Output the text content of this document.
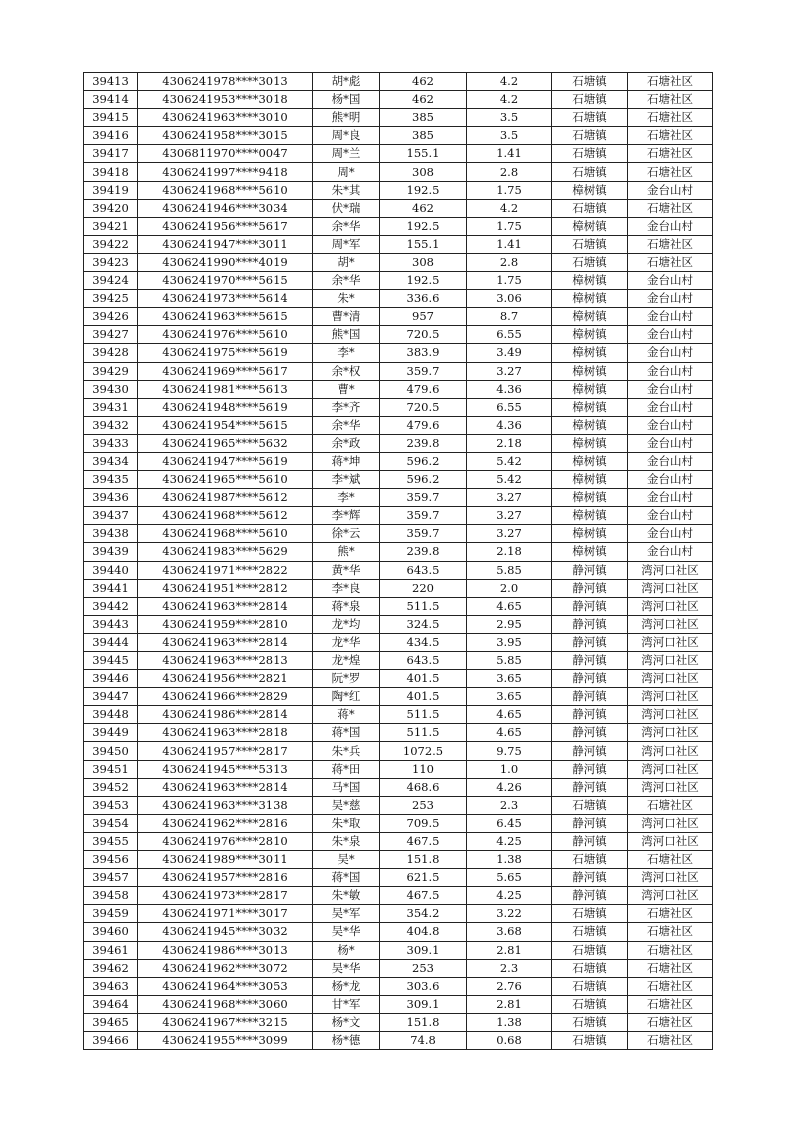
39413	4306241978****3013	胡*彪	462	4.2	石塘镇	石塘社区
39414	4306241953****3018	杨*国	462	4.2	石塘镇	石塘社区
39415	4306241963****3010	熊*明	385	3.5	石塘镇	石塘社区
39416	4306241958****3015	周*良	385	3.5	石塘镇	石塘社区
39417	4306811970****0047	周*兰	155.1	1.41	石塘镇	石塘社区
39418	4306241997****9418	周*	308	2.8	石塘镇	石塘社区
39419	4306241968****5610	朱*其	192.5	1.75	樟树镇	金台山村
39420	4306241946****3034	伏*瑞	462	4.2	石塘镇	石塘社区
39421	4306241956****5617	余*华	192.5	1.75	樟树镇	金台山村
39422	4306241947****3011	周*军	155.1	1.41	石塘镇	石塘社区
39423	4306241990****4019	胡*	308	2.8	石塘镇	石塘社区
39424	4306241970****5615	余*华	192.5	1.75	樟树镇	金台山村
39425	4306241973****5614	朱*	336.6	3.06	樟树镇	金台山村
39426	4306241963****5615	曹*清	957	8.7	樟树镇	金台山村
39427	4306241976****5610	熊*国	720.5	6.55	樟树镇	金台山村
39428	4306241975****5619	李*	383.9	3.49	樟树镇	金台山村
39429	4306241969****5617	余*权	359.7	3.27	樟树镇	金台山村
39430	4306241981****5613	曹*	479.6	4.36	樟树镇	金台山村
39431	4306241948****5619	李*齐	720.5	6.55	樟树镇	金台山村
39432	4306241954****5615	余*华	479.6	4.36	樟树镇	金台山村
39433	4306241965****5632	余*政	239.8	2.18	樟树镇	金台山村
39434	4306241947****5619	蒋*坤	596.2	5.42	樟树镇	金台山村
39435	4306241965****5610	李*斌	596.2	5.42	樟树镇	金台山村
39436	4306241987****5612	李*	359.7	3.27	樟树镇	金台山村
39437	4306241968****5612	李*辉	359.7	3.27	樟树镇	金台山村
39438	4306241968****5610	徐*云	359.7	3.27	樟树镇	金台山村
39439	4306241983****5629	熊*	239.8	2.18	樟树镇	金台山村
39440	4306241971****2822	黄*华	643.5	5.85	静河镇	湾河口社区
39441	4306241951****2812	李*良	220	2.0	静河镇	湾河口社区
39442	4306241963****2814	蒋*泉	511.5	4.65	静河镇	湾河口社区
39443	4306241959****2810	龙*均	324.5	2.95	静河镇	湾河口社区
39444	4306241963****2814	龙*华	434.5	3.95	静河镇	湾河口社区
39445	4306241963****2813	龙*煌	643.5	5.85	静河镇	湾河口社区
39446	4306241956****2821	阮*罗	401.5	3.65	静河镇	湾河口社区
39447	4306241966****2829	陶*红	401.5	3.65	静河镇	湾河口社区
39448	4306241986****2814	蒋*	511.5	4.65	静河镇	湾河口社区
39449	4306241963****2818	蒋*国	511.5	4.65	静河镇	湾河口社区
39450	4306241957****2817	朱*兵	1072.5	9.75	静河镇	湾河口社区
39451	4306241945****5313	蒋*田	110	1.0	静河镇	湾河口社区
39452	4306241963****2814	马*国	468.6	4.26	静河镇	湾河口社区
39453	4306241963****3138	吴*慈	253	2.3	石塘镇	石塘社区
39454	4306241962****2816	朱*取	709.5	6.45	静河镇	湾河口社区
39455	4306241976****2810	朱*泉	467.5	4.25	静河镇	湾河口社区
39456	4306241989****3011	吴*	151.8	1.38	石塘镇	石塘社区
39457	4306241957****2816	蒋*国	621.5	5.65	静河镇	湾河口社区
39458	4306241973****2817	朱*敏	467.5	4.25	静河镇	湾河口社区
39459	4306241971****3017	吴*军	354.2	3.22	石塘镇	石塘社区
39460	4306241945****3032	吴*华	404.8	3.68	石塘镇	石塘社区
39461	4306241986****3013	杨*	309.1	2.81	石塘镇	石塘社区
39462	4306241962****3072	吴*华	253	2.3	石塘镇	石塘社区
39463	4306241964****3053	杨*龙	303.6	2.76	石塘镇	石塘社区
39464	4306241968****3060	甘*军	309.1	2.81	石塘镇	石塘社区
39465	4306241967****3215	杨*文	151.8	1.38	石塘镇	石塘社区
39466	4306241955****3099	杨*德	74.8	0.68	石塘镇	石塘社区
